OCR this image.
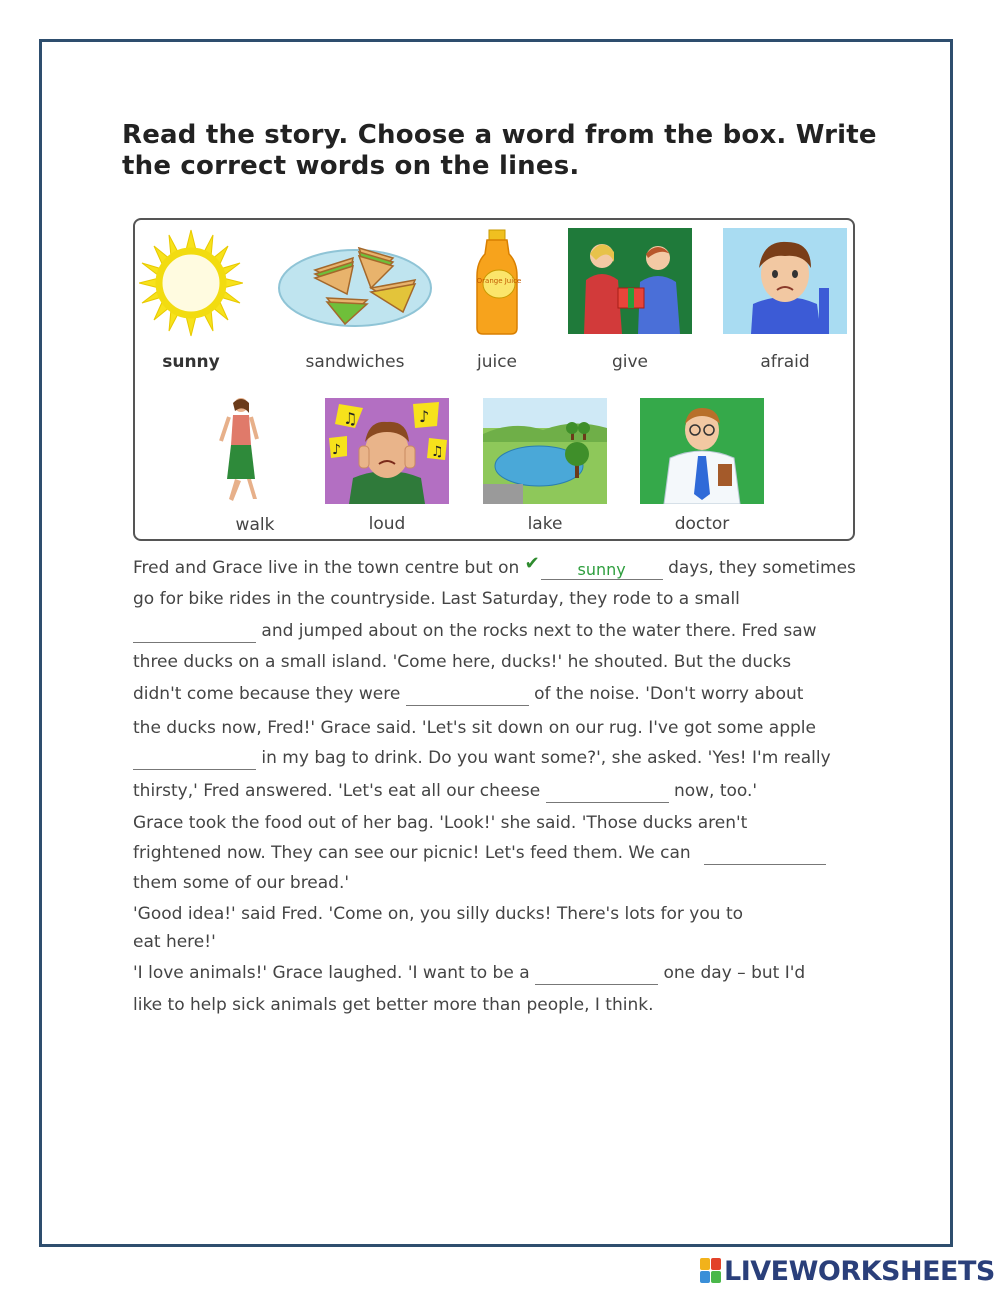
Read the story. Choose a word from the box. Write
the correct words on the lines.
sunny	sandwiches
Orange Juice
juice	give	afraid
walk
♫	♪
♪	♫
loud	lake	doctor
Fred and Grace live in the town centre but on ✔sunny	days, they sometimes
go for bike rides in the countryside. Last Saturday, they rode to a small
and jumped about on the rocks next to the water there. Fred saw
three ducks on a small island. 'Come here, ducks!' he shouted. But the ducks
didn't come because they were	of the noise. 'Don't worry about
the ducks now, Fred!' Grace said. 'Let's sit down on our rug. I've got some apple
in my bag to drink. Do you want some?', she asked. 'Yes! I'm really
thirsty,' Fred answered. 'Let's eat all our cheese	now, too.'
Grace took the food out of her bag. 'Look!' she said. 'Those ducks aren't
frightened now. They can see our picnic! Let's feed them. We can
them some of our bread.'
'Good idea!' said Fred. 'Come on, you silly ducks! There's lots for you to
eat here!'
'I love animals!' Grace laughed. 'I want to be a	one day – but I'd
like to help sick animals get better more than people, I think.
LIVEWORKSHEETS
